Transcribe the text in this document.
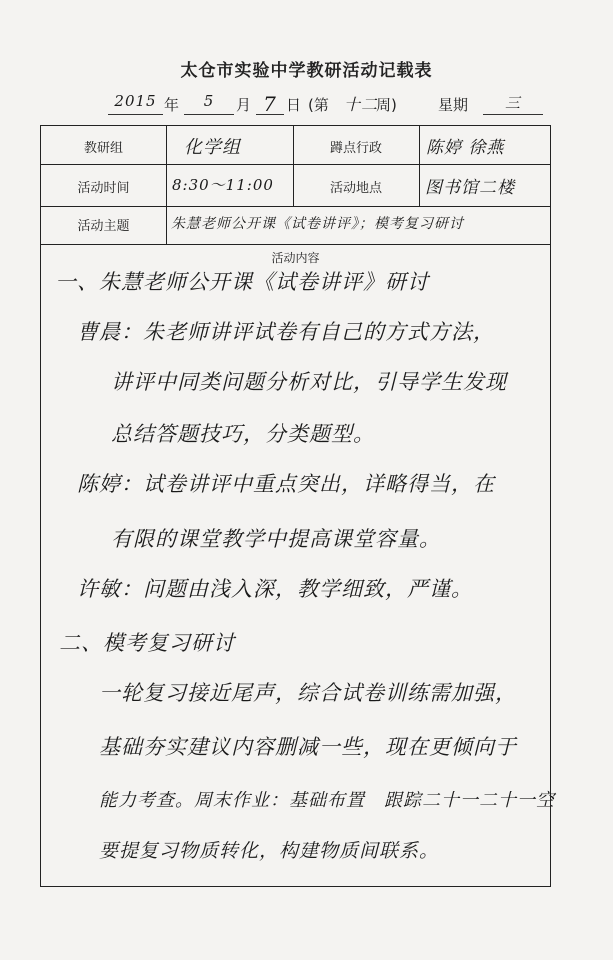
太仓市实验中学教研活动记载表
2015 年	5	月 7 日 (第 十二
周)	星期	三
教研组	化学组	蹲点行政	陈婷 徐燕
活动时间	8:30～11:00	活动地点	图书馆二楼
活动主题	朱慧老师公开课《试卷讲评》；模考复习研讨
活动内容
一、朱慧老师公开课《试卷讲评》研讨
曹晨：朱老师讲评试卷有自己的方式方法，
讲评中同类问题分析对比，引导学生发现
总结答题技巧，分类题型。
陈婷：试卷讲评中重点突出，详略得当，在
有限的课堂教学中提高课堂容量。
许敏：问题由浅入深，教学细致，严谨。
二、模考复习研讨
一轮复习接近尾声，综合试卷训练需加强，
基础夯实建议内容删减一些，现在更倾向于
能力考查。周末作业：基础布置　跟踪二十一二十一空
要提复习物质转化，构建物质间联系。
